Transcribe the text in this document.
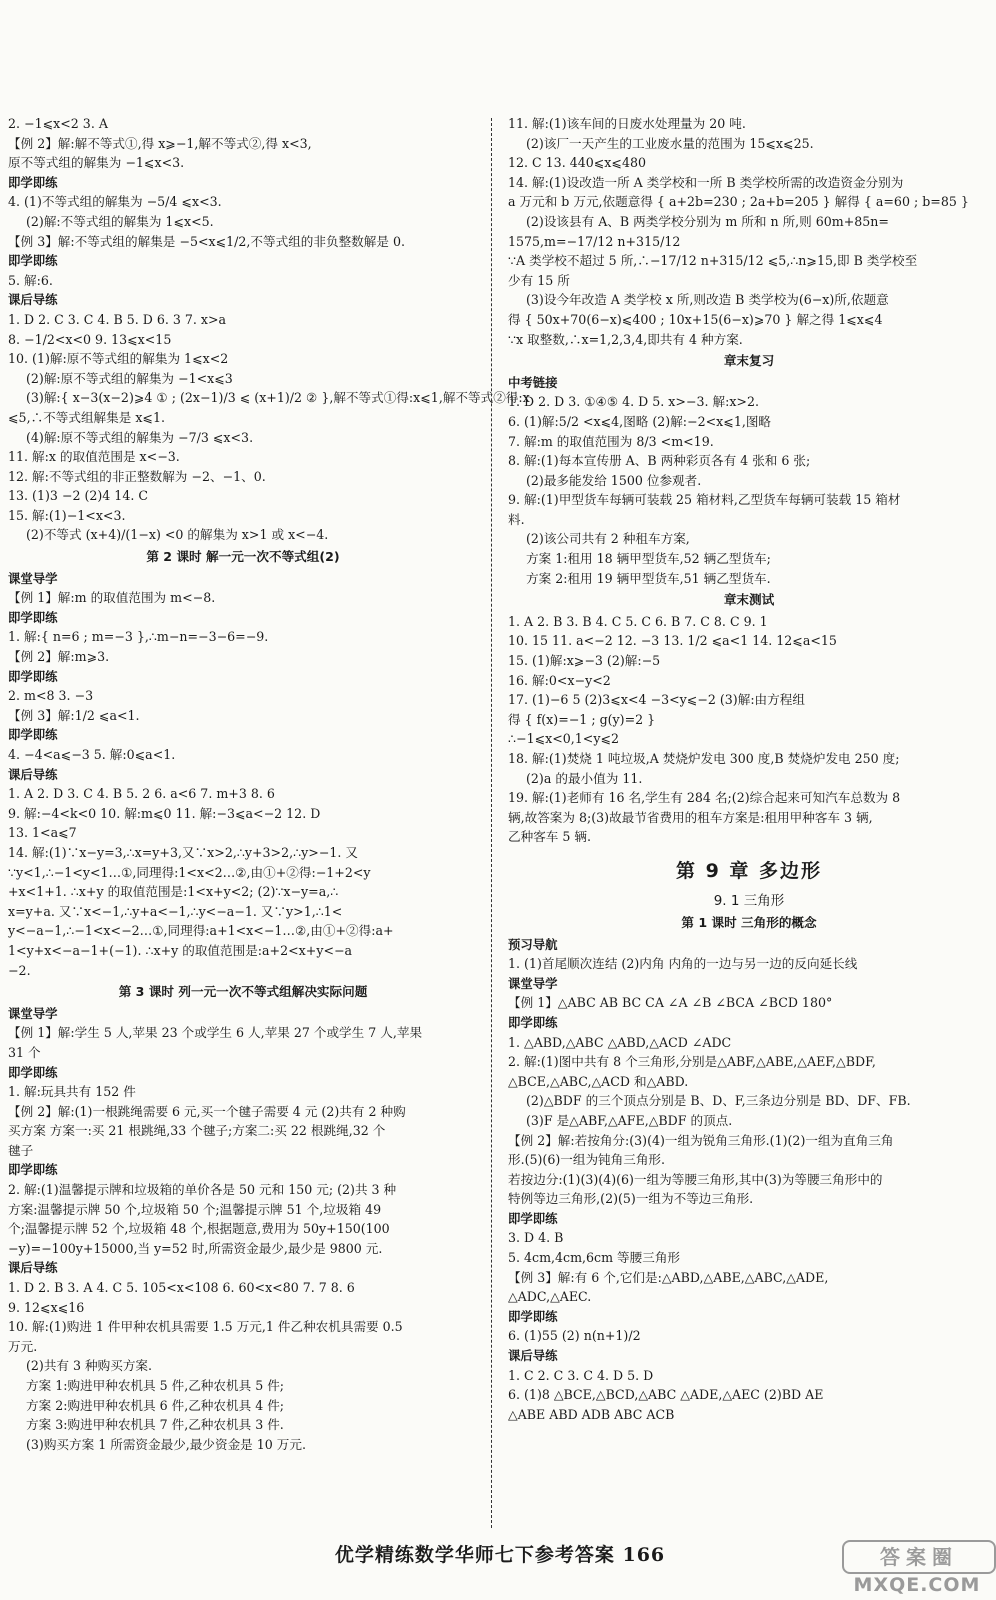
2. −1⩽x<2 3. A
【例 2】解:解不等式①,得 x⩾−1,解不等式②,得 x<3,
原不等式组的解集为 −1⩽x<3.
即学即练
4. (1)不等式组的解集为 −5/4 ⩽x<3.
(2)解:不等式组的解集为 1⩽x<5.
【例 3】解:不等式组的解集是 −5<x⩽1/2,不等式组的非负整数解是 0.
即学即练
5. 解:6.
课后导练
1. D 2. C 3. C 4. B 5. D 6. 3 7. x>a
8. −1/2<x<0 9. 13⩽x<15
10. (1)解:原不等式组的解集为 1⩽x<2
(2)解:原不等式组的解集为 −1<x⩽3
(3)解:{ x−3(x−2)⩾4 ① ; (2x−1)/3 ⩽ (x+1)/2 ② },解不等式①得:x⩽1,解不等式②得:x
⩽5,∴不等式组解集是 x⩽1.
(4)解:原不等式组的解集为 −7/3 ⩽x<3.
11. 解:x 的取值范围是 x<−3.
12. 解:不等式组的非正整数解为 −2、−1、0.
13. (1)3 −2 (2)4 14. C
15. 解:(1)−1<x<3.
(2)不等式 (x+4)/(1−x) <0 的解集为 x>1 或 x<−4.
第 2 课时 解一元一次不等式组(2)
课堂导学
【例 1】解:m 的取值范围为 m<−8.
即学即练
1. 解:{ n=6 ; m=−3 },∴m−n=−3−6=−9.
【例 2】解:m⩾3.
即学即练
2. m<8 3. −3
【例 3】解:1/2 ⩽a<1.
即学即练
4. −4<a⩽−3 5. 解:0⩽a<1.
课后导练
1. A 2. D 3. C 4. B 5. 2 6. a<6 7. m+3 8. 6
9. 解:−4<k<0 10. 解:m⩽0 11. 解:−3⩽a<−2 12. D
13. 1<a⩽7
14. 解:(1)∵x−y=3,∴x=y+3,又∵x>2,∴y+3>2,∴y>−1. 又
∵y<1,∴−1<y<1…①,同理得:1<x<2…②,由①+②得:−1+2<y
+x<1+1. ∴x+y 的取值范围是:1<x+y<2; (2)∵x−y=a,∴
x=y+a. 又∵x<−1,∴y+a<−1,∴y<−a−1. 又∵y>1,∴1<
y<−a−1,∴−1<x<−2…①,同理得:a+1<x<−1…②,由①+②得:a+
1<y+x<−a−1+(−1). ∴x+y 的取值范围是:a+2<x+y<−a
−2.
第 3 课时 列一元一次不等式组解决实际问题
课堂导学
【例 1】解:学生 5 人,苹果 23 个或学生 6 人,苹果 27 个或学生 7 人,苹果
31 个
即学即练
1. 解:玩具共有 152 件
【例 2】解:(1)一根跳绳需要 6 元,买一个毽子需要 4 元 (2)共有 2 种购
买方案 方案一:买 21 根跳绳,33 个毽子;方案二:买 22 根跳绳,32 个
毽子
即学即练
2. 解:(1)温馨提示牌和垃圾箱的单价各是 50 元和 150 元; (2)共 3 种
方案:温馨提示牌 50 个,垃圾箱 50 个;温馨提示牌 51 个,垃圾箱 49
个;温馨提示牌 52 个,垃圾箱 48 个,根据题意,费用为 50y+150(100
−y)=−100y+15000,当 y=52 时,所需资金最少,最少是 9800 元.
课后导练
1. D 2. B 3. A 4. C 5. 105<x<108 6. 60<x<80 7. 7 8. 6
9. 12⩽x⩽16
10. 解:(1)购进 1 件甲种农机具需要 1.5 万元,1 件乙种农机具需要 0.5
万元.
(2)共有 3 种购买方案.
方案 1:购进甲种农机具 5 件,乙种农机具 5 件;
方案 2:购进甲种农机具 6 件,乙种农机具 4 件;
方案 3:购进甲种农机具 7 件,乙种农机具 3 件.
(3)购买方案 1 所需资金最少,最少资金是 10 万元.
11. 解:(1)该车间的日废水处理量为 20 吨.
(2)该厂一天产生的工业废水量的范围为 15⩽x⩽25.
12. C 13. 440⩽x⩽480
14. 解:(1)设改造一所 A 类学校和一所 B 类学校所需的改造资金分别为
a 万元和 b 万元,依题意得 { a+2b=230 ; 2a+b=205 } 解得 { a=60 ; b=85 }
(2)设该县有 A、B 两类学校分别为 m 所和 n 所,则 60m+85n=
1575,m=−17/12 n+315/12
∵A 类学校不超过 5 所,∴−17/12 n+315/12 ⩽5,∴n⩾15,即 B 类学校至
少有 15 所
(3)设今年改造 A 类学校 x 所,则改造 B 类学校为(6−x)所,依题意
得 { 50x+70(6−x)⩽400 ; 10x+15(6−x)⩾70 } 解之得 1⩽x⩽4
∵x 取整数,∴x=1,2,3,4,即共有 4 种方案.
章末复习
中考链接
1. D 2. D 3. ①④⑤ 4. D 5. x>−3. 解:x>2.
6. (1)解:5/2 <x⩽4,图略 (2)解:−2<x⩽1,图略
7. 解:m 的取值范围为 8/3 <m<19.
8. 解:(1)每本宣传册 A、B 两种彩页各有 4 张和 6 张;
(2)最多能发给 1500 位参观者.
9. 解:(1)甲型货车每辆可装载 25 箱材料,乙型货车每辆可装载 15 箱材
料.
(2)该公司共有 2 种租车方案,
方案 1:租用 18 辆甲型货车,52 辆乙型货车;
方案 2:租用 19 辆甲型货车,51 辆乙型货车.
章末测试
1. A 2. B 3. B 4. C 5. C 6. B 7. C 8. C 9. 1
10. 15 11. a<−2 12. −3 13. 1/2 ⩽a<1 14. 12⩽a<15
15. (1)解:x⩾−3 (2)解:−5
16. 解:0<x−y<2
17. (1)−6 5 (2)3⩽x<4 −3<y⩽−2 (3)解:由方程组
得 { f(x)=−1 ; g(y)=2 }
∴−1⩽x<0,1<y⩽2
18. 解:(1)焚烧 1 吨垃圾,A 焚烧炉发电 300 度,B 焚烧炉发电 250 度;
(2)a 的最小值为 11.
19. 解:(1)老师有 16 名,学生有 284 名;(2)综合起来可知汽车总数为 8
辆,故答案为 8;(3)故最节省费用的租车方案是:租用甲种客车 3 辆,
乙种客车 5 辆.
第 9 章 多边形
9. 1 三角形
第 1 课时 三角形的概念
预习导航
1. (1)首尾顺次连结 (2)内角 内角的一边与另一边的反向延长线
课堂导学
【例 1】△ABC AB BC CA ∠A ∠B ∠BCA ∠BCD 180°
即学即练
1. △ABD,△ABC △ABD,△ACD ∠ADC
2. 解:(1)图中共有 8 个三角形,分别是△ABF,△ABE,△AEF,△BDF,
△BCE,△ABC,△ACD 和△ABD.
(2)△BDF 的三个顶点分别是 B、D、F,三条边分别是 BD、DF、FB.
(3)F 是△ABF,△AFE,△BDF 的顶点.
【例 2】解:若按角分:(3)(4)一组为锐角三角形.(1)(2)一组为直角三角
形.(5)(6)一组为钝角三角形.
若按边分:(1)(3)(4)(6)一组为等腰三角形,其中(3)为等腰三角形中的
特例等边三角形,(2)(5)一组为不等边三角形.
即学即练
3. D 4. B
5. 4cm,4cm,6cm 等腰三角形
【例 3】解:有 6 个,它们是:△ABD,△ABE,△ABC,△ADE,
△ADC,△AEC.
即学即练
6. (1)55 (2) n(n+1)/2
课后导练
1. C 2. C 3. C 4. D 5. D
6. (1)8 △BCE,△BCD,△ABC △ADE,△AEC (2)BD AE
△ABE ABD ADB ABC ACB
优学精练数学华师七下参考答案 166	答案圈
MXQE.COM
